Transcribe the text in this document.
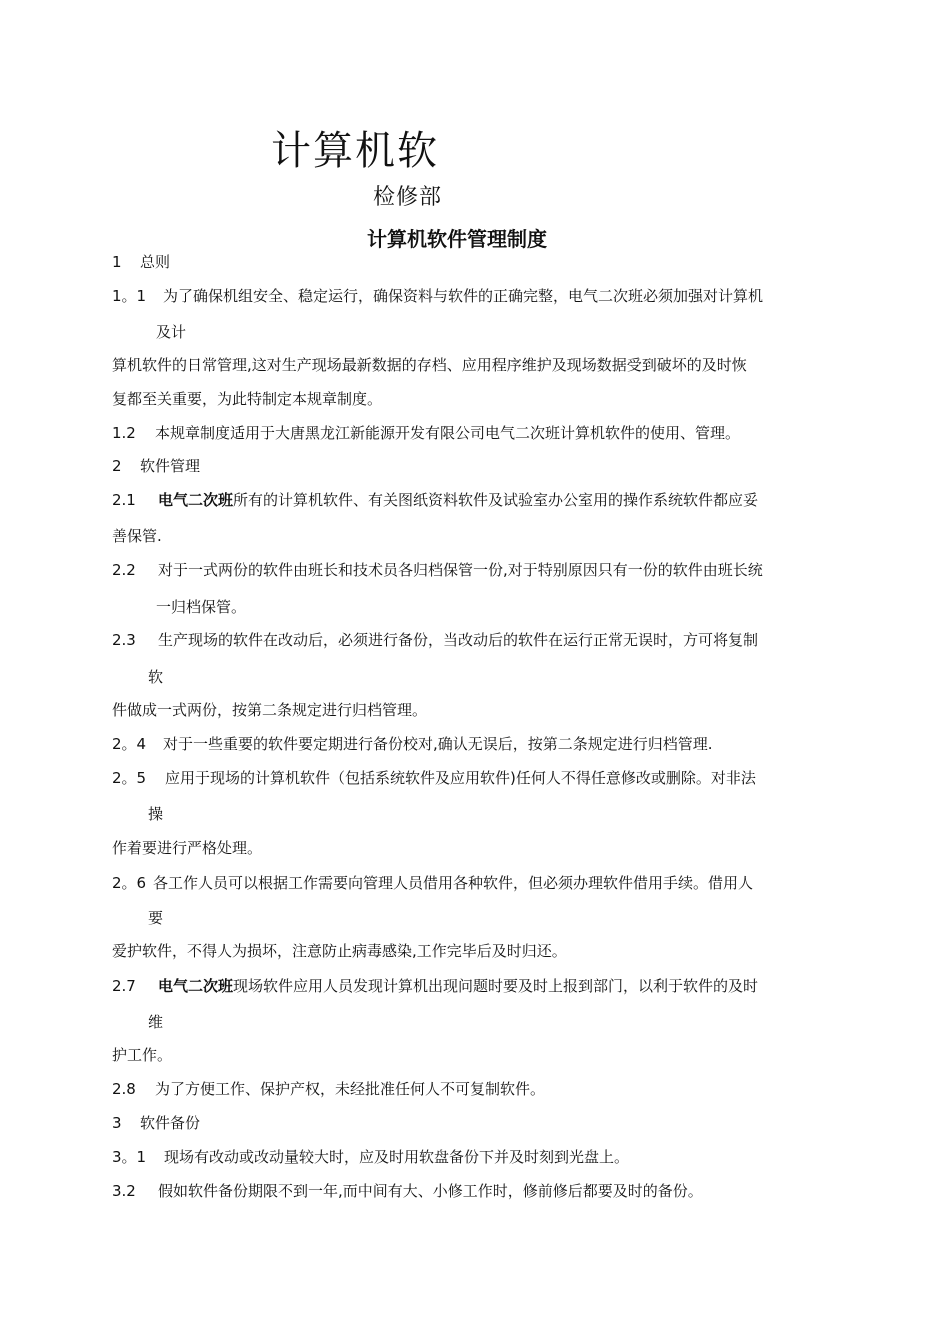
计算机软
检修部
计算机软件管理制度
1 总则
1。1 为了确保机组安全、稳定运行，确保资料与软件的正确完整，电气二次班必须加强对计算机
及计
算机软件的日常管理,这对生产现场最新数据的存档、应用程序维护及现场数据受到破坏的及时恢
复都至关重要，为此特制定本规章制度。
1.2 本规章制度适用于大唐黑龙江新能源开发有限公司电气二次班计算机软件的使用、管理。
2 软件管理
2.1 电气二次班所有的计算机软件、有关图纸资料软件及试验室办公室用的操作系统软件都应妥
善保管.
2.2 对于一式两份的软件由班长和技术员各归档保管一份,对于特别原因只有一份的软件由班长统
一归档保管。
2.3 生产现场的软件在改动后，必须进行备份，当改动后的软件在运行正常无误时，方可将复制
软
件做成一式两份，按第二条规定进行归档管理。
2。4 对于一些重要的软件要定期进行备份校对,确认无误后，按第二条规定进行归档管理.
2。5 应用于现场的计算机软件（包括系统软件及应用软件)任何人不得任意修改或删除。对非法
操
作着要进行严格处理。
2。6 各工作人员可以根据工作需要向管理人员借用各种软件，但必须办理软件借用手续。借用人
要
爱护软件，不得人为损坏，注意防止病毒感染,工作完毕后及时归还。
2.7 电气二次班现场软件应用人员发现计算机出现问题时要及时上报到部门，以利于软件的及时
维
护工作。
2.8 为了方便工作、保护产权，未经批准任何人不可复制软件。
3 软件备份
3。1 现场有改动或改动量较大时，应及时用软盘备份下并及时刻到光盘上。
3.2 假如软件备份期限不到一年,而中间有大、小修工作时，修前修后都要及时的备份。
